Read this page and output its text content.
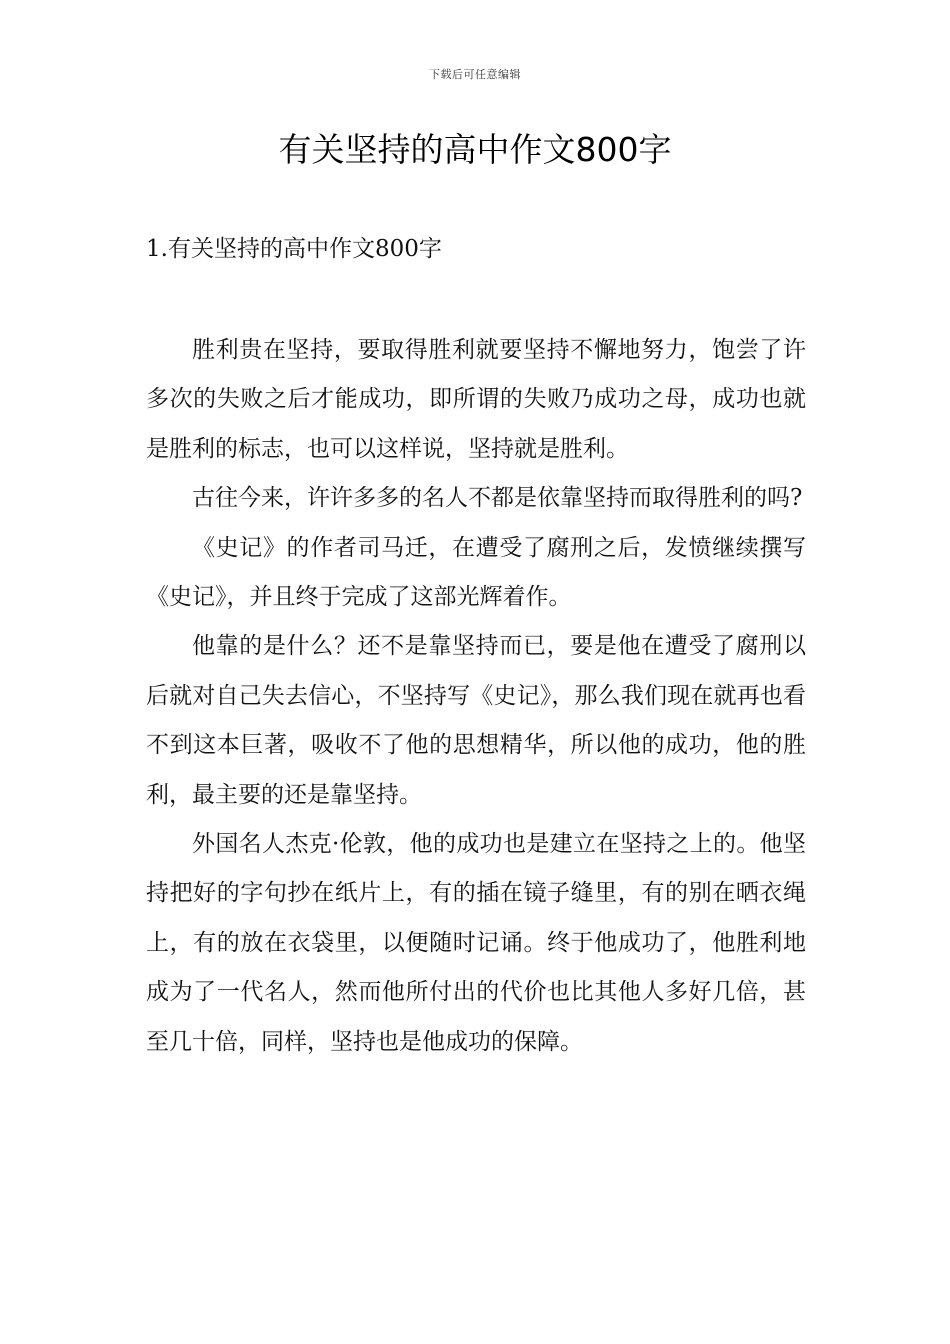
下载后可任意编辑
有关坚持的高中作文800字
1.有关坚持的高中作文800字

胜利贵在坚持，要取得胜利就要坚持不懈地努力，饱尝了许多次的失败之后才能成功，即所谓的失败乃成功之母，成功也就是胜利的标志，也可以这样说，坚持就是胜利。

古往今来，许许多多的名人不都是依靠坚持而取得胜利的吗?

《史记》的作者司马迁，在遭受了腐刑之后，发愤继续撰写《史记》，并且终于完成了这部光辉着作。

他靠的是什么？还不是靠坚持而已，要是他在遭受了腐刑以后就对自己失去信心，不坚持写《史记》，那么我们现在就再也看不到这本巨著，吸收不了他的思想精华，所以他的成功，他的胜利，最主要的还是靠坚持。

外国名人杰克·伦敦，他的成功也是建立在坚持之上的。他坚持把好的字句抄在纸片上，有的插在镜子缝里，有的别在晒衣绳上，有的放在衣袋里，以便随时记诵。终于他成功了，他胜利地成为了一代名人，然而他所付出的代价也比其他人多好几倍，甚至几十倍，同样，坚持也是他成功的保障。
